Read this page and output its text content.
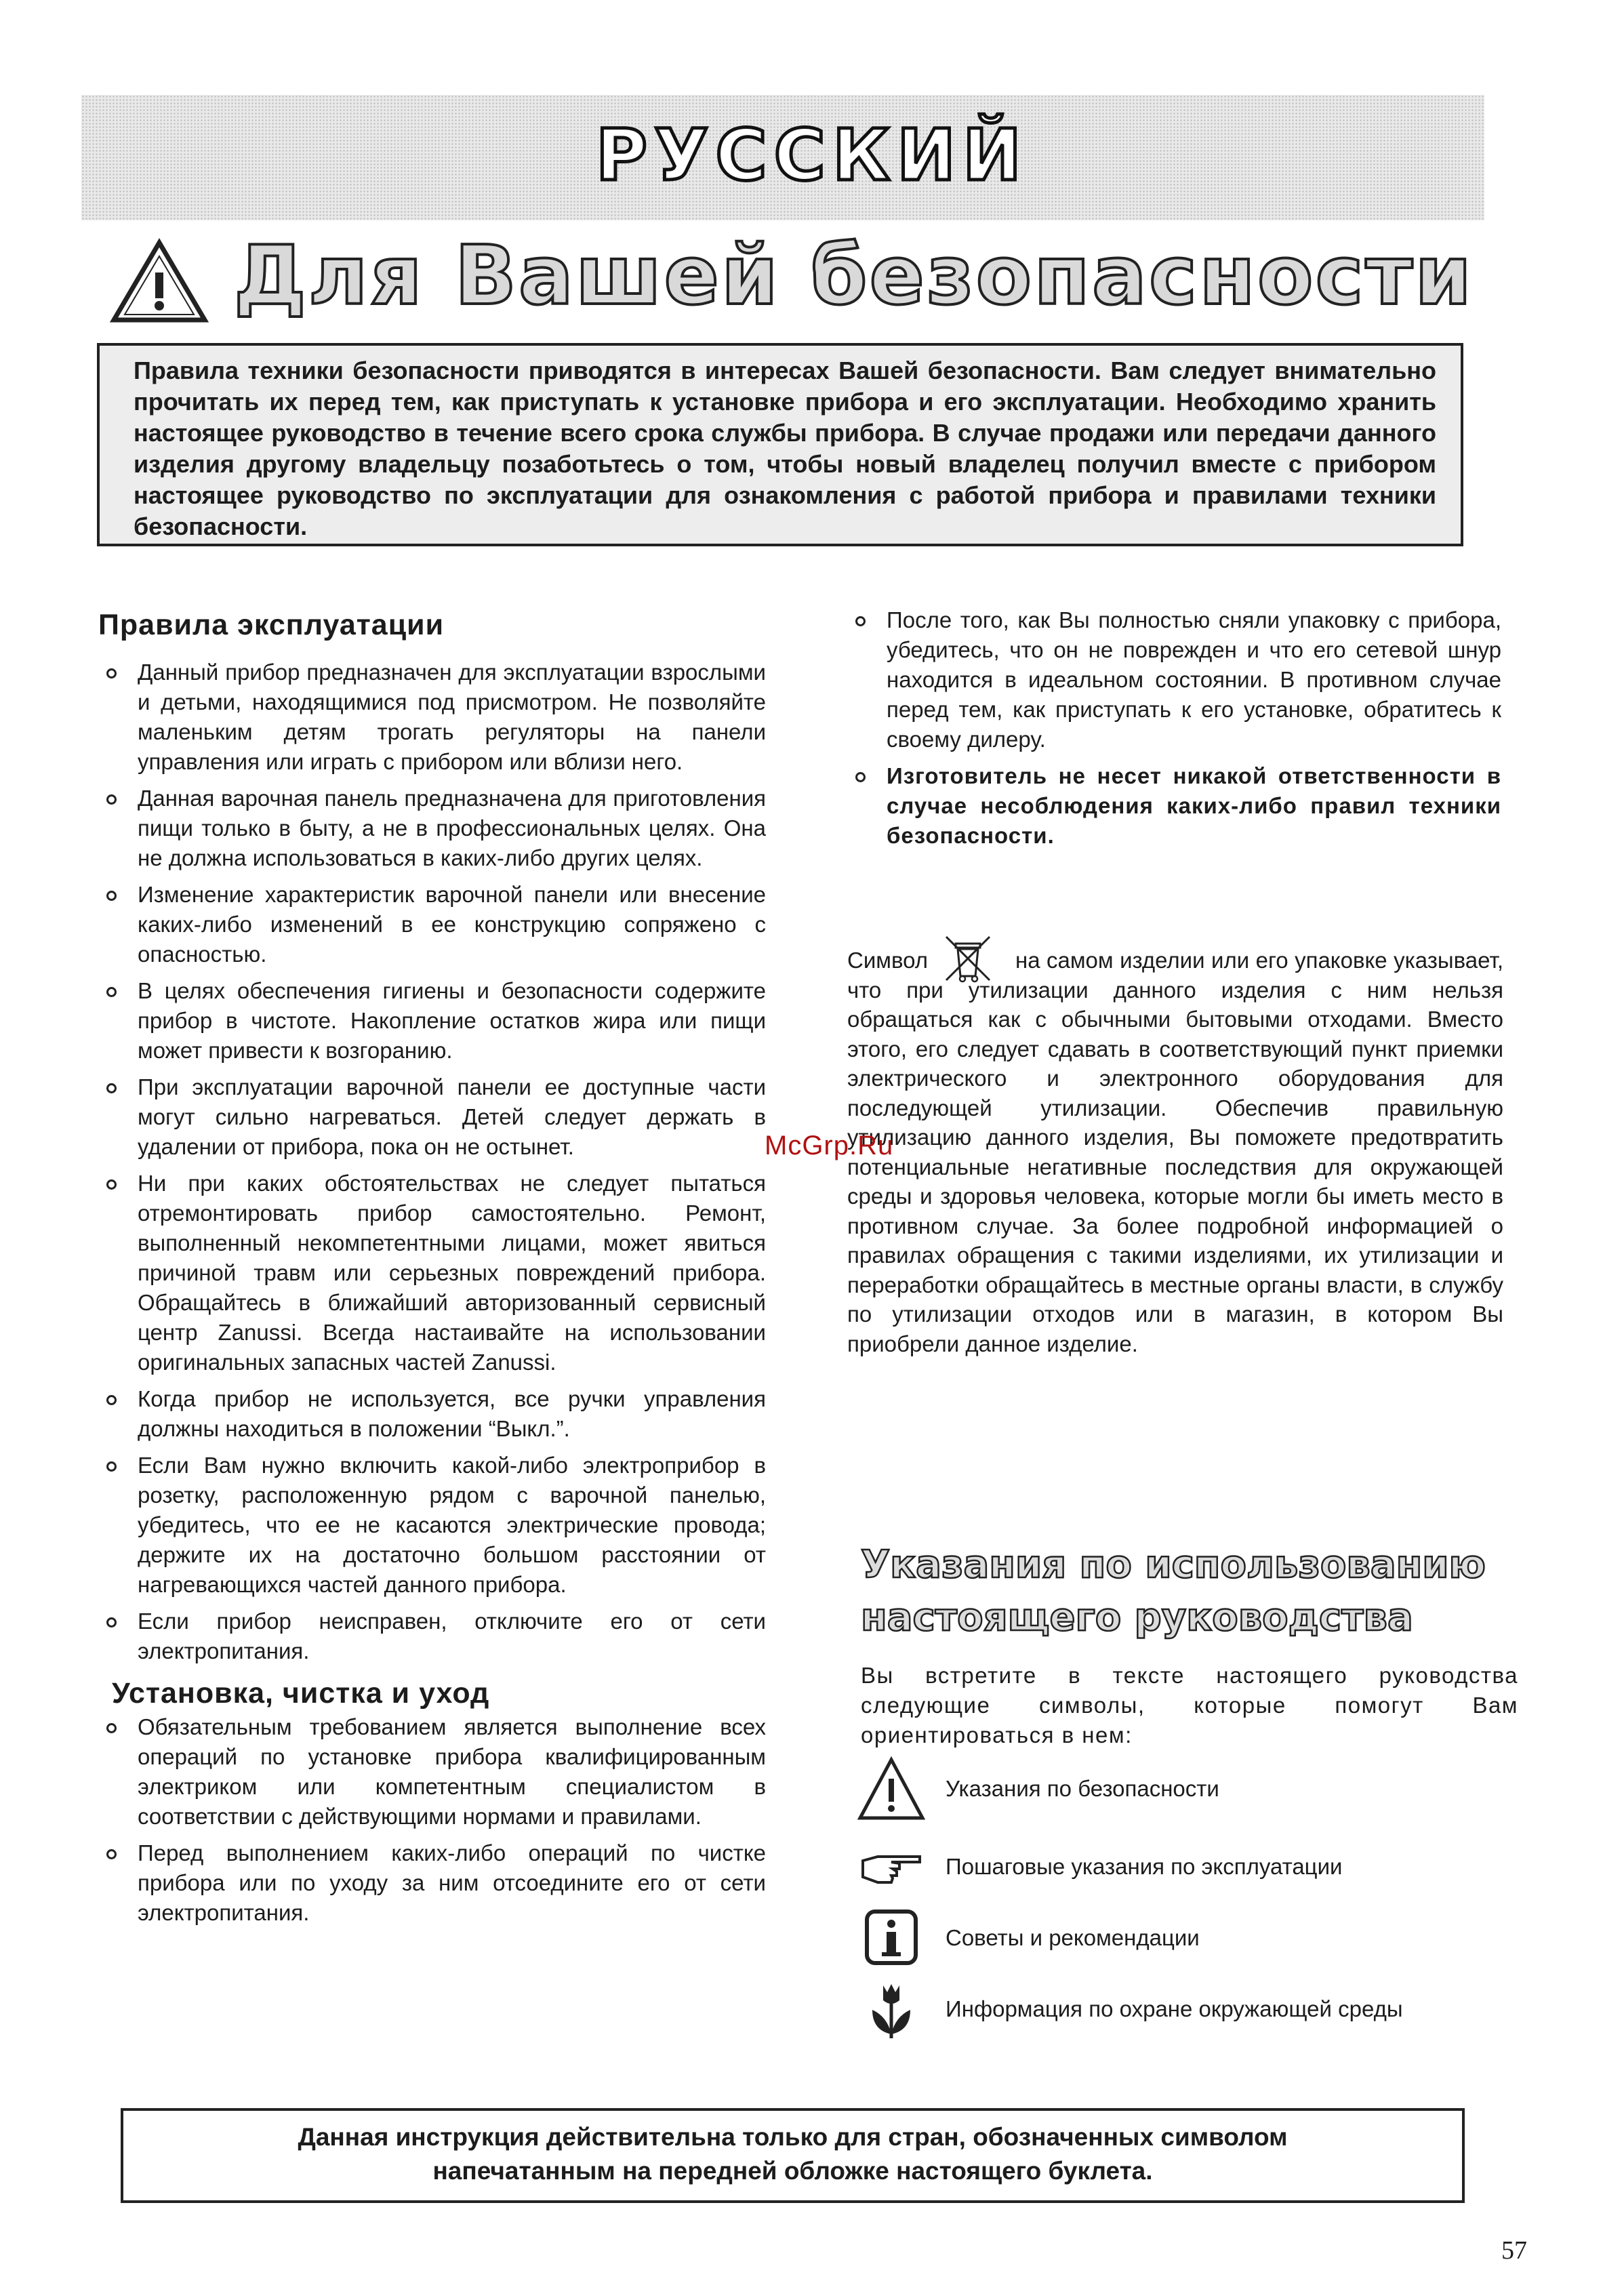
РУССКИЙ
Для Вашей безопасности
Правила техники безопасности приводятся в интересах Вашей безопасности. Вам следует внимательно прочитать их перед тем, как приступать к установке прибора и его эксплуатации. Необходимо хранить настоящее руководство в течение всего срока службы прибора. В случае продажи или передачи данного изделия другому владельцу позаботьтесь о том, чтобы новый владелец получил вместе с прибором настоящее руководство по эксплуатации для ознакомления с работой прибора и правилами техники безопасности.
Правила эксплуатации
Данный прибор предназначен для эксплуатации взрослыми и детьми, находящимися под присмотром. Не позволяйте маленьким детям трогать регуляторы на панели управления или играть с прибором или вблизи него.
Данная варочная панель предназначена для приготовления пищи только в быту, а не в профессиональных целях. Она не должна использоваться в каких-либо других целях.
Изменение характеристик варочной панели или внесение каких-либо изменений в ее конструкцию сопряжено с опасностью.
В целях обеспечения гигиены и безопасности содержите прибор в чистоте. Накопление остатков жира или пищи может привести к возгоранию.
При эксплуатации варочной панели ее доступные части могут сильно нагреваться. Детей следует держать в удалении от прибора, пока он не остынет.
Ни при каких обстоятельствах не следует пытаться отремонтировать прибор самостоятельно. Ремонт, выполненный некомпетентными лицами, может явиться причиной травм или серьезных повреждений прибора. Обращайтесь в ближайший авторизованный сервисный центр Zanussi. Всегда настаивайте на использовании оригинальных запасных частей Zanussi.
Когда прибор не используется, все ручки управления должны находиться в положении “Выкл.”.
Если Вам нужно включить какой-либо электроприбор в розетку, расположенную рядом с варочной панелью, убедитесь, что ее не касаются электрические провода; держите их на достаточно большом расстоянии от нагревающихся частей данного прибора.
Если прибор неисправен, отключите его от сети электропитания.
Установка, чистка и уход
Обязательным требованием является выполнение всех операций по установке прибора квалифицированным электриком или компетентным специалистом в соответствии с действующими нормами и правилами.
Перед выполнением каких-либо операций по чистке прибора или по уходу за ним отсоедините его от сети электропитания.
После того, как Вы полностью сняли упаковку с прибора, убедитесь, что он не поврежден и что его сетевой шнур находится в идеальном состоянии. В противном случае перед тем, как приступать к его установке, обратитесь к своему дилеру.
Изготовитель не несет никакой ответственности в случае несоблюдения каких-либо правил техники безопасности.
Символ	на самом изделии или его упаковке указывает, что при утилизации данного изделия с ним нельзя обращаться как с обычными бытовыми отходами. Вместо этого, его следует сдавать в соответствующий пункт приемки электрического и электронного оборудования для последующей утилизации. Обеспечив правильную утилизацию данного изделия, Вы поможете предотвратить потенциальные негативные последствия для окружающей среды и здоровья человека, которые могли бы иметь место в противном случае. За более подробной информацией о правилах обращения с такими изделиями, их утилизации и переработки обращайтесь в местные органы власти, в службу по утилизации отходов или в магазин, в котором Вы приобрели данное изделие.
McGrp.Ru
Указания по использованию
настоящего руководства
Вы встретите в тексте настоящего руководства следующие символы, которые помогут Вам ориентироваться в нем:
Указания по безопасности
Пошаговые указания по эксплуатации
Советы и рекомендации
Информация по охране окружающей среды
Данная инструкция действительна только для стран, обозначенных символом
напечатанным на передней обложке настоящего буклета.
57
